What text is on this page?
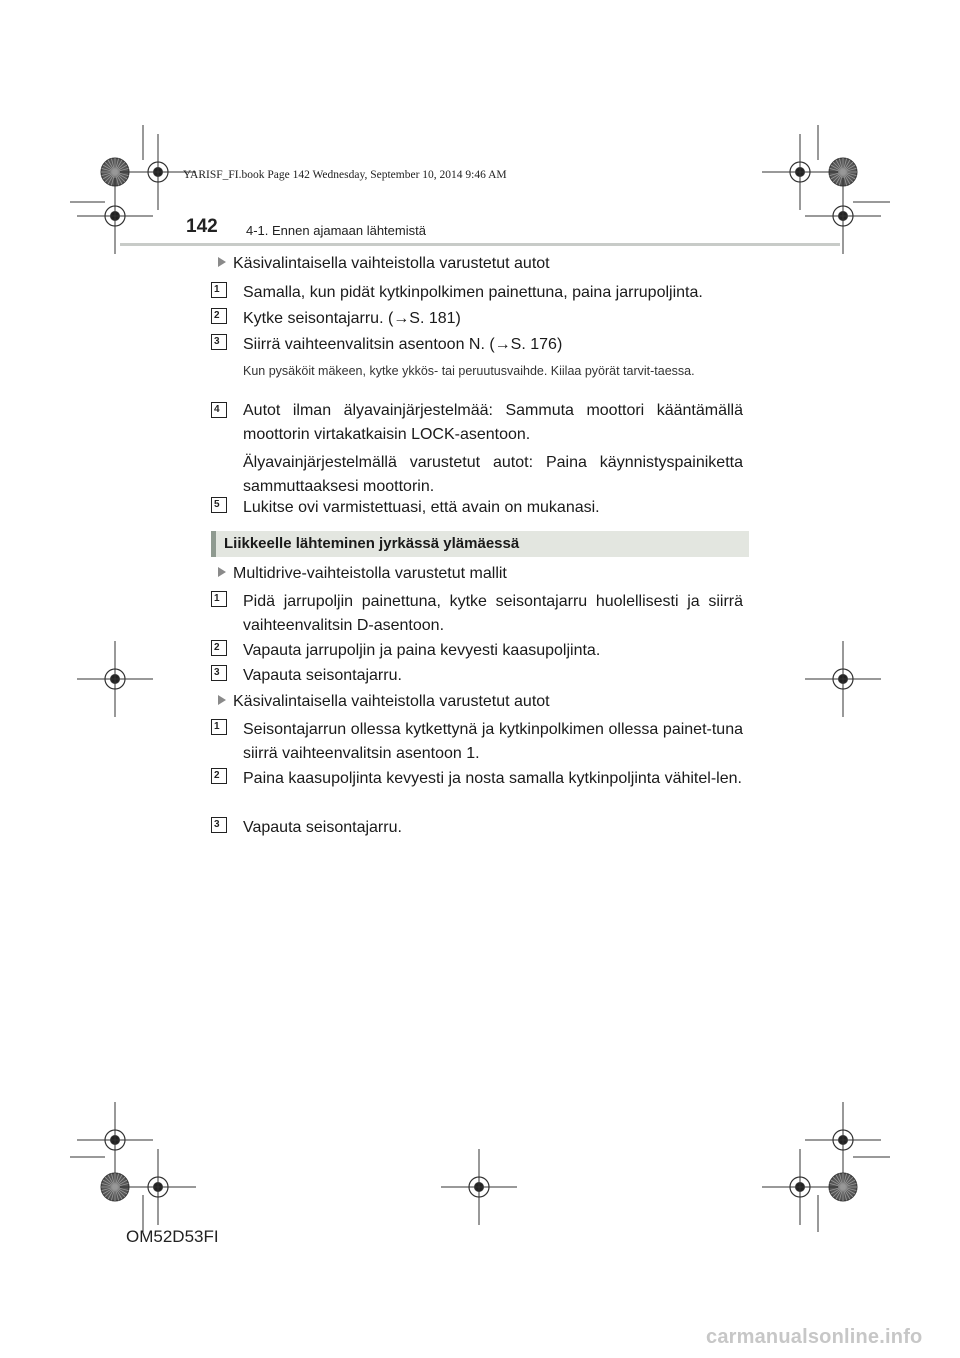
YARISF_FI.book Page 142 Wednesday, September 10, 2014 9:46 AM
142 4-1. Ennen ajamaan lähtemistä
Käsivalintaisella vaihteistolla varustetut autot
1	Samalla, kun pidät kytkinpolkimen painettuna, paina jarrupoljinta.
2	Kytke seisontajarru. (→S. 181)
3	Siirrä vaihteenvalitsin asentoon N. (→S. 176)
Kun pysäköit mäkeen, kytke ykkös- tai peruutusvaihde. Kiilaa pyörät tarvit-taessa.
4	Autot ilman älyavainjärjestelmää: Sammuta moottori kääntämällä moottorin virtakatkaisin LOCK-asentoon.
Älyavainjärjestelmällä varustetut autot: Paina käynnistyspainiketta sammuttaaksesi moottorin.
5	Lukitse ovi varmistettuasi, että avain on mukanasi.
Liikkeelle lähteminen jyrkässä ylämäessä
Multidrive-vaihteistolla varustetut mallit
1	Pidä jarrupoljin painettuna, kytke seisontajarru huolellisesti ja siirrä vaihteenvalitsin D-asentoon.
2	Vapauta jarrupoljin ja paina kevyesti kaasupoljinta.
3	Vapauta seisontajarru.
Käsivalintaisella vaihteistolla varustetut autot
1	Seisontajarrun ollessa kytkettynä ja kytkinpolkimen ollessa painet-tuna siirrä vaihteenvalitsin asentoon 1.
2	Paina kaasupoljinta kevyesti ja nosta samalla kytkinpoljinta vähitel-len.
3	Vapauta seisontajarru.
OM52D53FI
carmanualsonline.info
